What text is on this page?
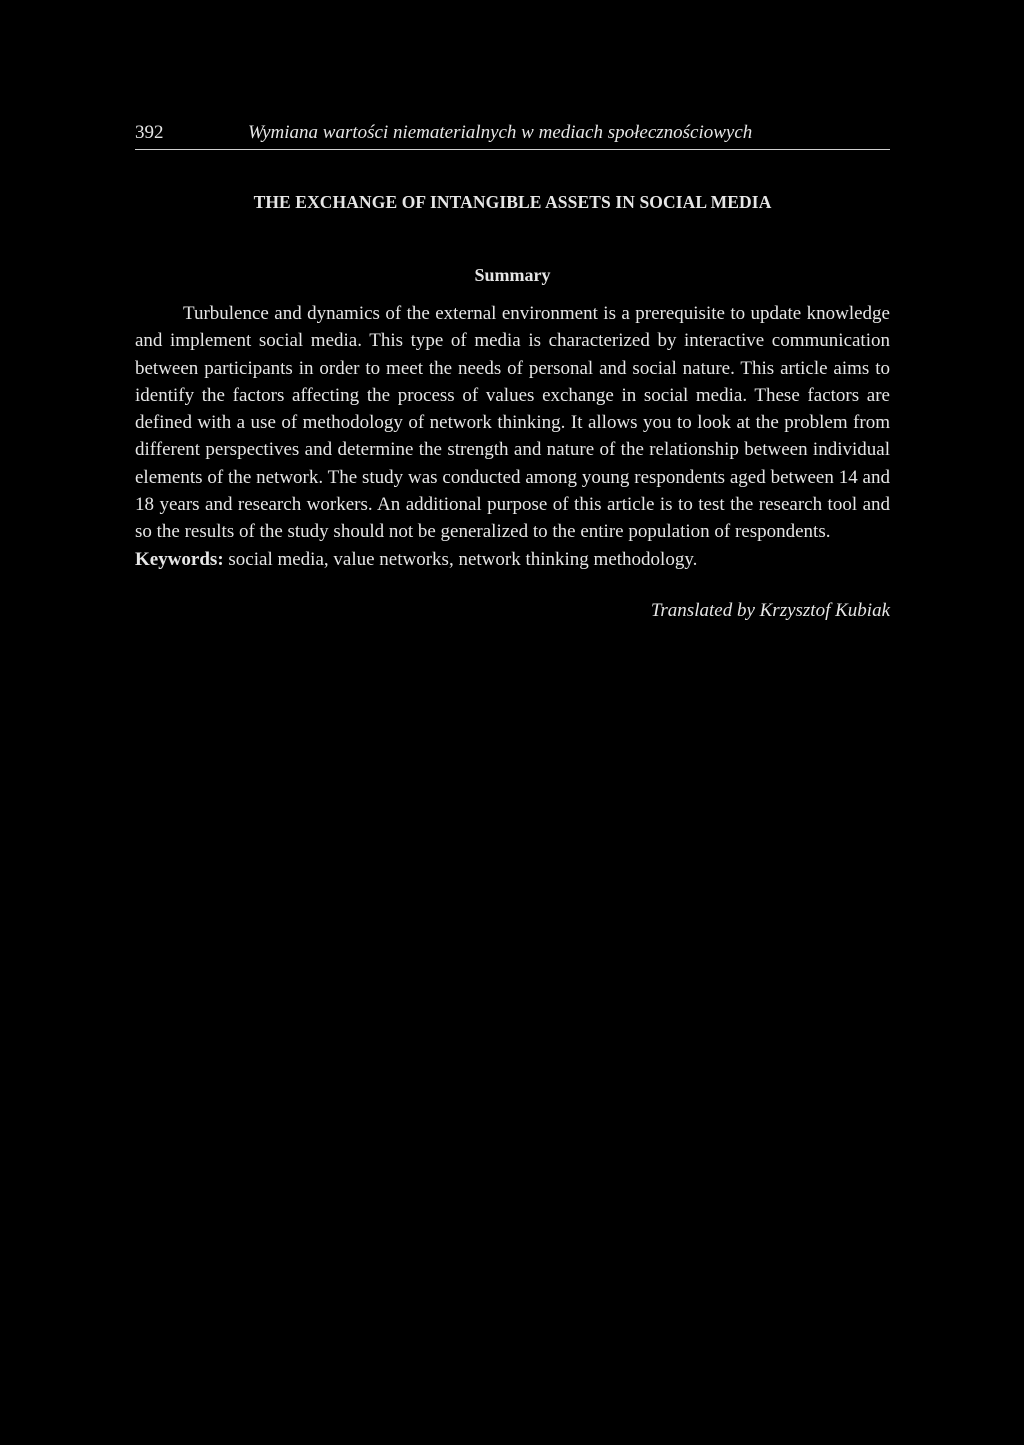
392	Wymiana wartości niematerialnych w mediach społecznościowych
THE EXCHANGE OF INTANGIBLE ASSETS IN SOCIAL MEDIA
Summary

Turbulence and dynamics of the external environment is a prerequisite to update knowledge and implement social media. This type of media is characterized by interactive communication between participants in order to meet the needs of personal and social nature. This article aims to identify the factors affecting the process of values exchange in social media. These factors are defined with a use of methodology of network thinking. It allows you to look at the problem from different perspectives and determine the strength and nature of the relationship between individual elements of the network. The study was conducted among young respondents aged between 14 and 18 years and research workers. An additional purpose of this article is to test the research tool and so the results of the study should not be generalized to the entire population of respondents.

Keywords: social media, value networks, network thinking methodology.

Translated by Krzysztof Kubiak
